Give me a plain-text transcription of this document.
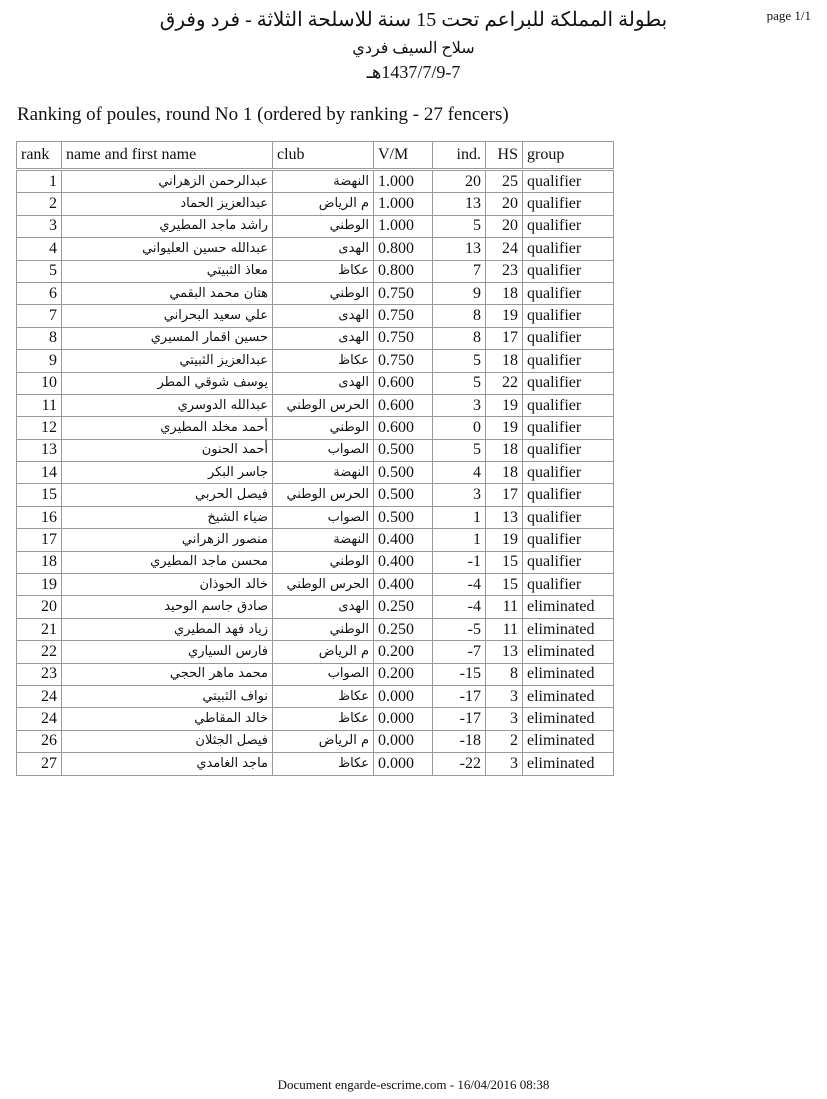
page 1/1
بطولة المملكة للبراعم تحت 15 سنة للاسلحة الثلاثة - فرد وفرق
سلاح السيف فردي
1437/7/9-7هـ
Ranking of poules, round No 1 (ordered by ranking - 27 fencers)
rank	name and first name	club	V/M	ind.	HS	group
1	عبدالرحمن الزهراني	النهضة	1.000	20	25	qualifier
2	عبدالعزيز الحماد	م الرياض	1.000	13	20	qualifier
3	راشد ماجد المطيري	الوطني	1.000	5	20	qualifier
4	عبدالله حسين العليواني	الهدى	0.800	13	24	qualifier
5	معاذ الثبيتي	عكاظ	0.800	7	23	qualifier
6	هتان محمد البقمي	الوطني	0.750	9	18	qualifier
7	علي سعيد البحراني	الهدى	0.750	8	19	qualifier
8	حسين اقمار المسيري	الهدى	0.750	8	17	qualifier
9	عبدالعزيز الثبيتي	عكاظ	0.750	5	18	qualifier
10	يوسف شوقي المطر	الهدى	0.600	5	22	qualifier
11	عبدالله الدوسري	الحرس الوطني	0.600	3	19	qualifier
12	أحمد مخلد المطيري	الوطني	0.600	0	19	qualifier
13	أحمد الحنون	الصواب	0.500	5	18	qualifier
14	جاسر البكر	النهضة	0.500	4	18	qualifier
15	فيصل الحربي	الحرس الوطني	0.500	3	17	qualifier
16	ضياء الشيخ	الصواب	0.500	1	13	qualifier
17	منصور الزهراني	النهضة	0.400	1	19	qualifier
18	محسن ماجد المطيري	الوطني	0.400	-1	15	qualifier
19	خالد الحوذان	الحرس الوطني	0.400	-4	15	qualifier
20	صادق جاسم الوحيد	الهدى	0.250	-4	11	eliminated
21	زياد فهد المطيري	الوطني	0.250	-5	11	eliminated
22	فارس السياري	م الرياض	0.200	-7	13	eliminated
23	محمد ماهر الحجي	الصواب	0.200	-15	8	eliminated
24	نواف الثبيتي	عكاظ	0.000	-17	3	eliminated
24	خالد المقاطي	عكاظ	0.000	-17	3	eliminated
26	فيصل الجثلان	م الرياض	0.000	-18	2	eliminated
27	ماجد الغامدي	عكاظ	0.000	-22	3	eliminated
Document engarde-escrime.com - 16/04/2016 08:38
